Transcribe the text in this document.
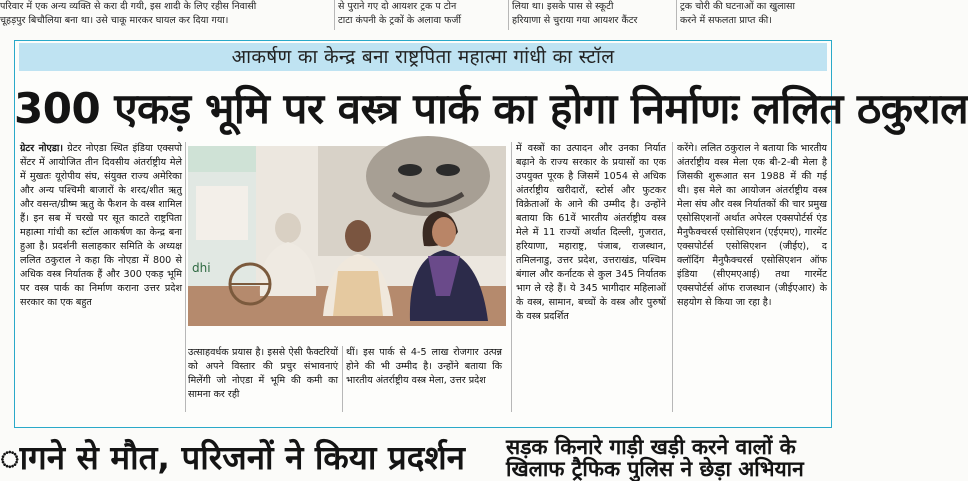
परिवार में एक अन्य व्यक्ति से करा दी गयी, इस शादी के लिए रहीस निवासी
चूहड़पुर बिचौलिया बना था। उसे चाकू मारकर घायल कर दिया गया।
से पुराने गए दो आयशर ट्रक प टोन
टाटा कंपनी के ट्रकों के अलावा फर्जी
लिया था। इसके पास से स्कूटी
हरियाणा से चुराया गया आयशर कैंटर
ट्रक चोरी की घटनाओं का खुलासा
करने में सफलता प्राप्त की।
आकर्षण का केन्द्र बना राष्ट्रपिता महात्मा गांधी का स्टॉल
300 एकड़ भूमि पर वस्त्र पार्क का होगा निर्माणः ललित ठकुराल

ग्रेटर नोएडा। ग्रेटर नोएडा स्थित इंडिया एक्सपो सेंटर में आयोजित तीन दिवसीय अंतर्राष्ट्रीय मेले में मुखतः यूरोपीय संघ, संयुक्त राज्य अमेरिका और अन्य पश्चिमी बाजारों के शरद/शीत ऋतु और वसन्त/ग्रीष्म ऋतु के फैशन के वस्त्र शामिल हैं। इन सब में चरखे पर सूत काटते राष्ट्रपिता महात्मा गांधी का स्टॉल आकर्षण का केन्द्र बना हुआ है। प्रदर्शनी सलाहकार समिति के अध्यक्ष ललित ठकुराल ने कहा कि नोएडा में 800 से अधिक वस्त्र निर्यातक हैं और 300 एकड़ भूमि पर वस्त्र पार्क का निर्माण कराना उत्तर प्रदेश सरकार का एक बहुत

dhi

उत्साहवर्धक प्रयास है। इससे ऐसी फैक्टरियों को अपने विस्तार की प्रचुर संभावनाएं मिलेंगी जो नोएडा में भूमि की कमी का सामना कर रही

थीं। इस पार्क से 4-5 लाख रोजगार उत्पन्न होने की भी उम्मीद है। उन्होंने बताया कि भारतीय अंतर्राष्ट्रीय वस्त्र मेला, उत्तर प्रदेश

में वस्त्रों का उत्पादन और उनका निर्यात बढ़ाने के राज्य सरकार के प्रयासों का एक उपयुक्त पूरक है जिसमें 1054 से अधिक अंतर्राष्ट्रीय खरीदारों, स्टोर्स और फुटकर विक्रेताओं के आने की उम्मीद है। उन्होंने बताया कि 61वें भारतीय अंतर्राष्ट्रीय वस्त्र मेले में 11 राज्यों अर्थात दिल्ली, गुजरात, हरियाणा, महाराष्ट्र, पंजाब, राजस्थान, तमिलनाडु, उत्तर प्रदेश, उत्तराखंड, पश्चिम बंगाल और कर्नाटक से कुल 345 निर्यातक भाग ले रहे हैं। ये 345 भागीदार महिलाओं के वस्त्र, सामान, बच्चों के वस्त्र और पुरुषों के वस्त्र प्रदर्शित

करेंगे। ललित ठकुराल ने बताया कि भारतीय अंतर्राष्ट्रीय वस्त्र मेला एक बी-2-बी मेला है जिसकी शुरूआत सन 1988 में की गई थी। इस मेले का आयोजन अंतर्राष्ट्रीय वस्त्र मेला संघ और वस्त्र निर्यातकों की चार प्रमुख एसोसिएशनों अर्थात अपेरल एक्सपोर्टर्स एंड मैनुफैक्चरर्स एसोसिएशन (एईएमए), गारमेंट एक्सपोर्टर्स एसोसिएशन (जीईए), द क्लॉदिंग मैनुफैक्चरर्स एसोसिएशन ऑफ इंडिया (सीएमएआई) तथा गारमेंट एक्सपोर्टर्स ऑफ राजस्थान (जीईएआर) के सहयोग से किया जा रहा है।

ागने से मौत, परिजनों ने किया प्रदर्शन	सड़क किनारे गाड़ी खड़ी करने वालों के खिलाफ ट्रैफिक पुलिस ने छेड़ा अभियान
